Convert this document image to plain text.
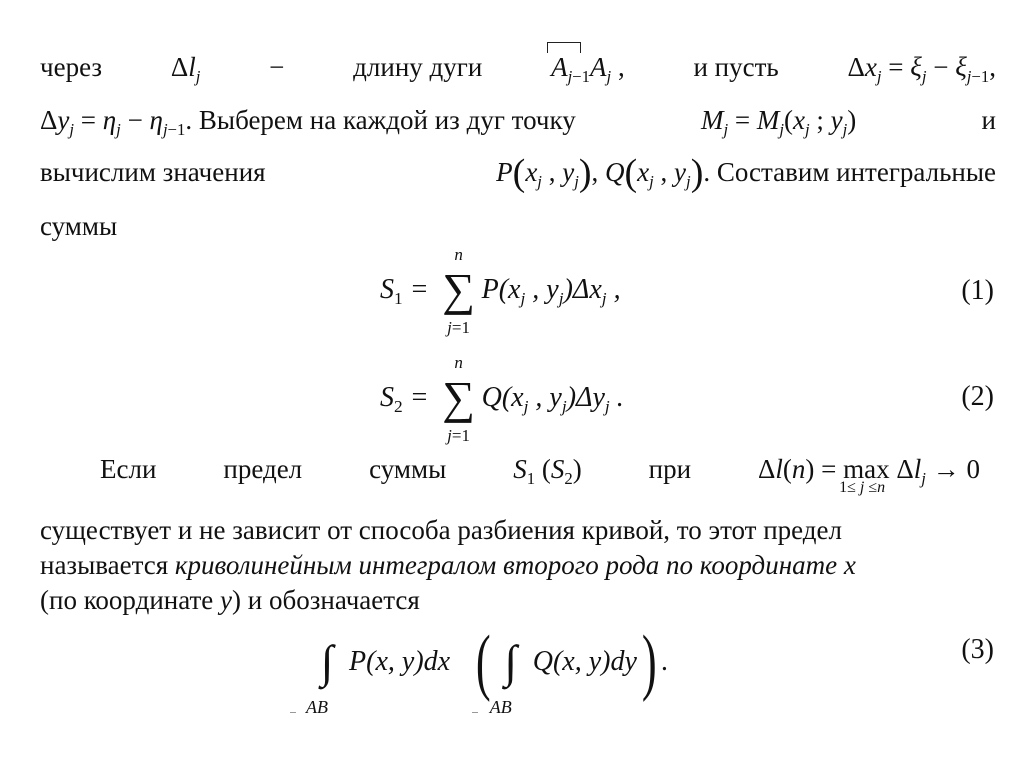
через	$\Delta l_j$	−	длину дуги	$A_{j-1}A_j$ ,	и пусть	$\Delta x_j = \xi_j - \xi_{j-1}$,
$\Delta y_j = \eta_j - \eta_{j-1}$. Выберем на каждой из дуг точку	$M_j = M_j(x_j$ ; $y_j$)	и
вычислим значения	$P(x_j$ , $y_j$), $Q(x_j$ , $y_j$). Составим интегральные
суммы
$S_1$ = ∑
n
j=1
$P(x_j$ , $y_j)\Delta x_j$ ,	(1)
$S_2$ = ∑
n
j=1
$Q(x_j$ , $y_j)\Delta y_j$ .	(2)
Если предел суммы $S_1$ $(S_2)$ при Δl(n) = max
1≤ j ≤n
$\Delta l_j \to 0$
существует и не зависит от способа разбиения кривой, то этот предел
называется криволинейным интегралом второго рода по координате x
(по координате y) и обозначается
∫
AB
P(x, y)dx
( ∫
AB
Q(x, y)dy ) .	(3)
